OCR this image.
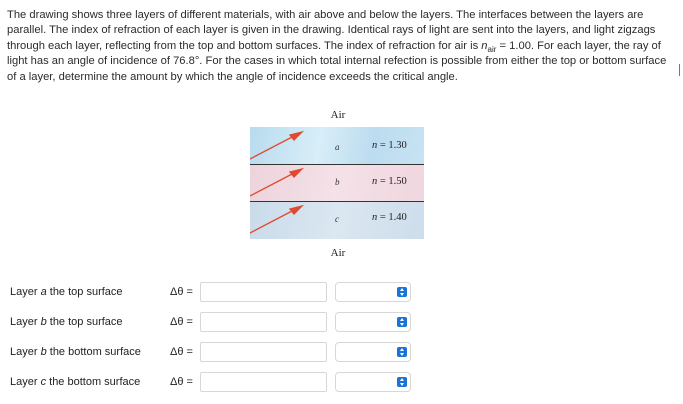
The drawing shows three layers of different materials, with air above and below the layers. The interfaces between the layers are parallel. The index of refraction of each layer is given in the drawing. Identical rays of light are sent into the layers, and light zigzags through each layer, reflecting from the top and bottom surfaces. The index of refraction for air is $n_{air} = 1.00$. For each layer, the ray of light has an angle of incidence of 76.8°. For the cases in which total internal refection is possible from either the top or bottom surface of a layer, determine the amount by which the angle of incidence exceeds the critical angle.
Air
a
b
c
n = 1.30
n = 1.50
n = 1.40
Air
Layer a the top surface	Δθ =
Layer b the top surface	Δθ =
Layer b the bottom surface	Δθ =
Layer c the bottom surface	Δθ =
